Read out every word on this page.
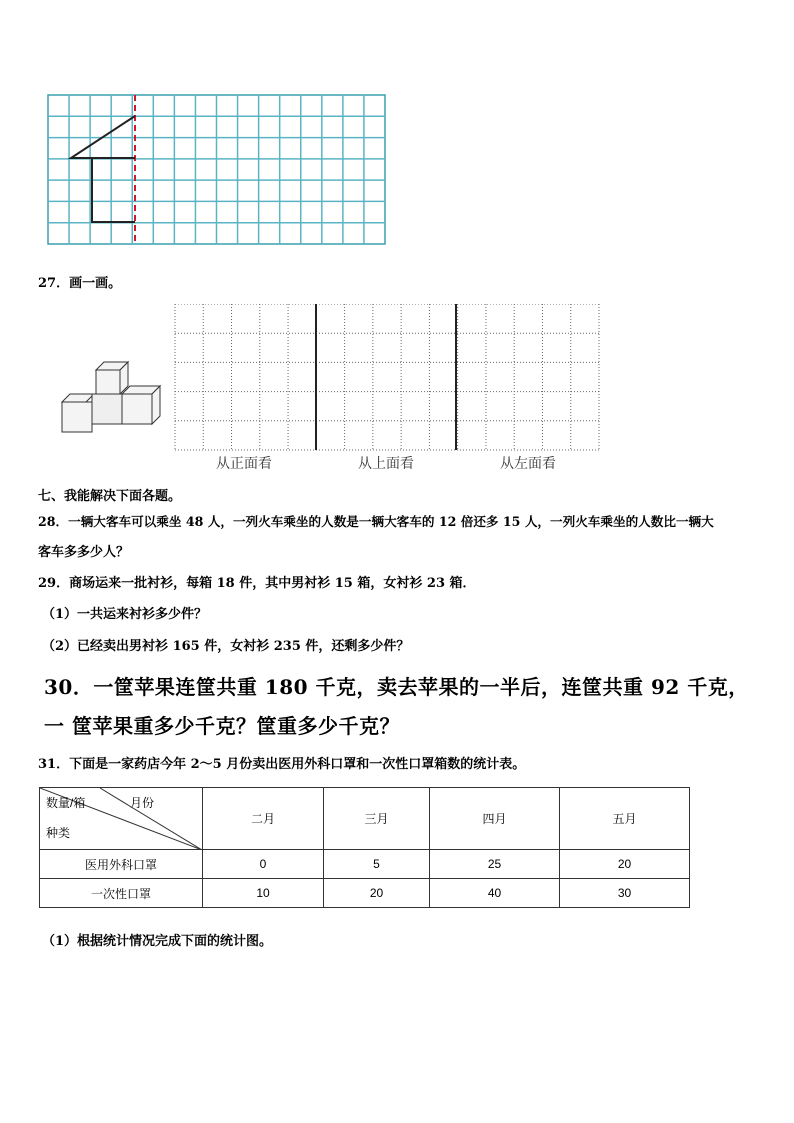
27．画一画。
从正面看	从上面看	从左面看
七、我能解决下面各题。
28．一辆大客车可以乘坐 48 人，一列火车乘坐的人数是一辆大客车的 12 倍还多 15 人，一列火车乘坐的人数比一辆大
客车多多少人？
29．商场运来一批衬衫，每箱 18 件，其中男衬衫 15 箱，女衬衫 23 箱．
（1）一共运来衬衫多少件？
（2）已经卖出男衬衫 165 件，女衬衫 235 件，还剩多少件？
30．一筐苹果连筐共重 180 千克，卖去苹果的一半后，连筐共重 92 千克，
一 筐苹果重多少千克？筐重多少千克？
31．下面是一家药店今年 2～5 月份卖出医用外科口罩和一次性口罩箱数的统计表。
数量/箱 月份
种类	二月	三月	四月	五月
医用外科口罩	0	5	25	20
一次性口罩	10	20	40	30
（1）根据统计情况完成下面的统计图。
